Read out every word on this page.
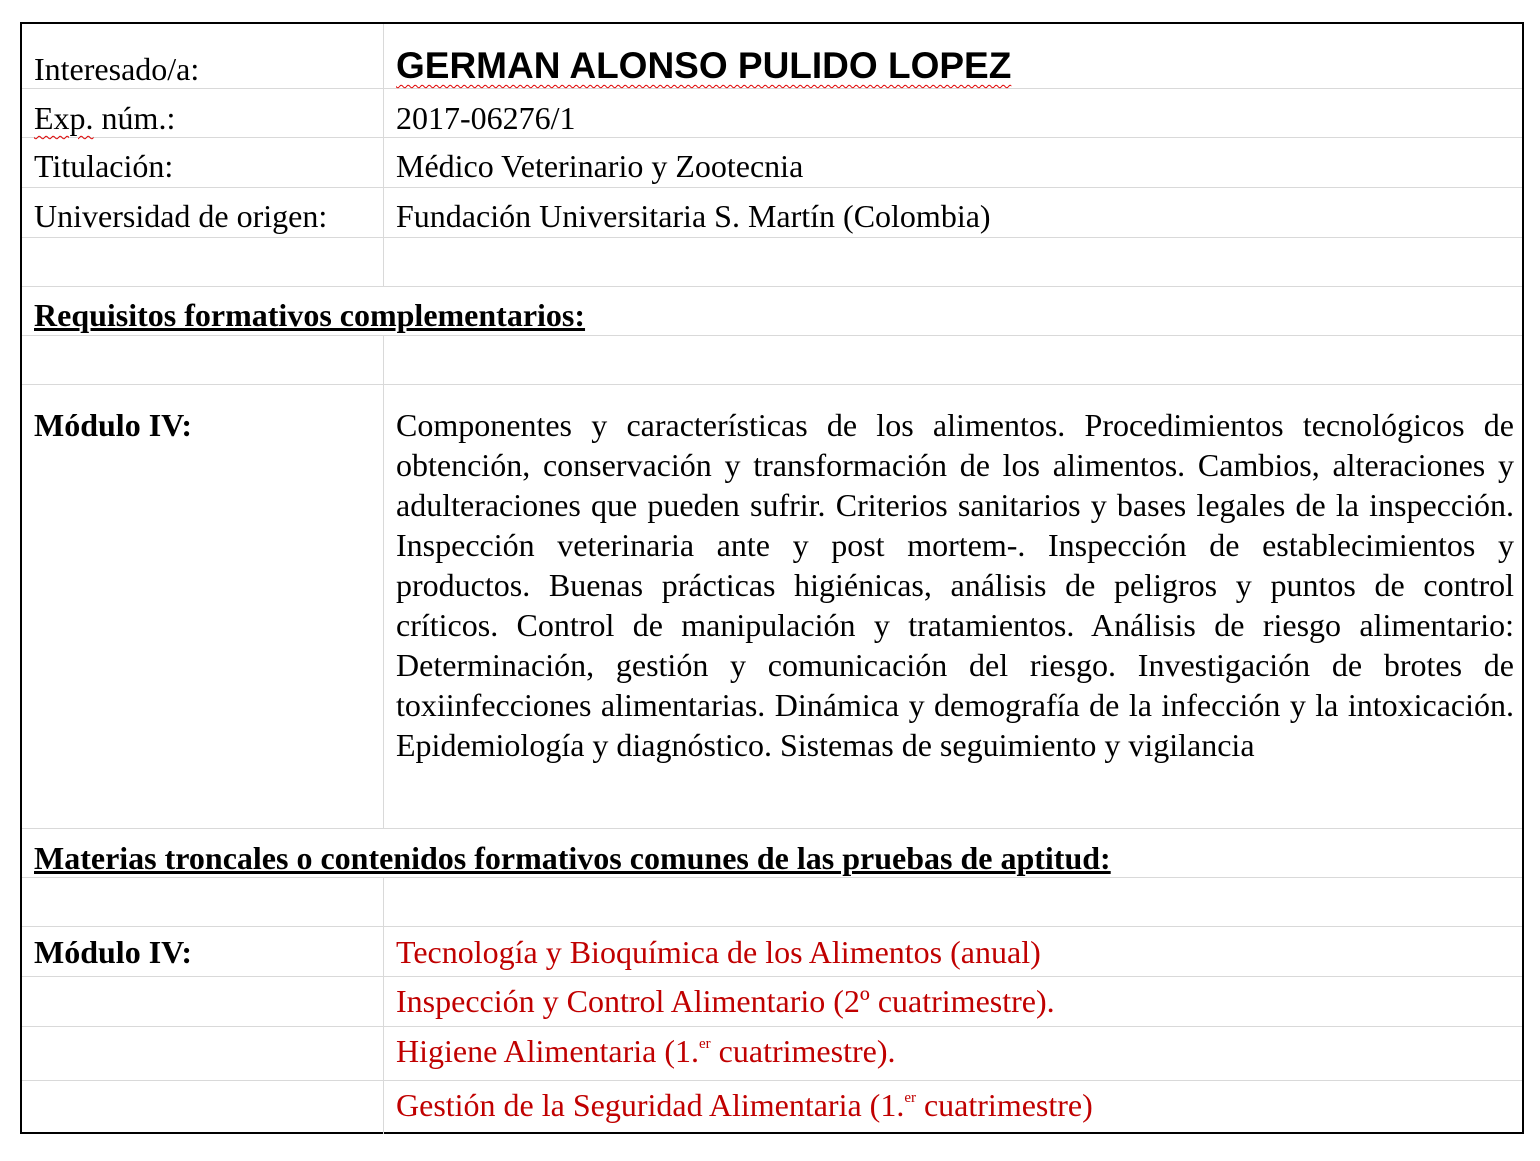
Interesado/a:	GERMAN ALONSO PULIDO LOPEZ
Exp. núm.:	2017-06276/1
Titulación:	Médico Veterinario y Zootecnia
Universidad de origen:	Fundación Universitaria S. Martín (Colombia)
Requisitos formativos complementarios:
Módulo IV:	Componentes y características de los alimentos. Procedimientos tecnológicos de obtención, conservación y transformación de los alimentos. Cambios, alteraciones y adulteraciones que pueden sufrir. Criterios sanitarios y bases legales de la inspección. Inspección veterinaria ante y post mortem-. Inspección de establecimientos y productos. Buenas prácticas higiénicas, análisis de peligros y puntos de control críticos. Control de manipulación y tratamientos. Análisis de riesgo alimentario: Determinación, gestión y comunicación del riesgo. Investigación de brotes de toxiinfecciones alimentarias. Dinámica y demografía de la infección y la intoxicación. Epidemiología y diagnóstico. Sistemas de seguimiento y vigilancia
Materias troncales o contenidos formativos comunes de las pruebas de aptitud:
Módulo IV:	Tecnología y Bioquímica de los Alimentos (anual)
Inspección y Control Alimentario (2º cuatrimestre).
Higiene Alimentaria (1.$^{er}$ cuatrimestre).
Gestión de la Seguridad Alimentaria (1.$^{er}$ cuatrimestre)
